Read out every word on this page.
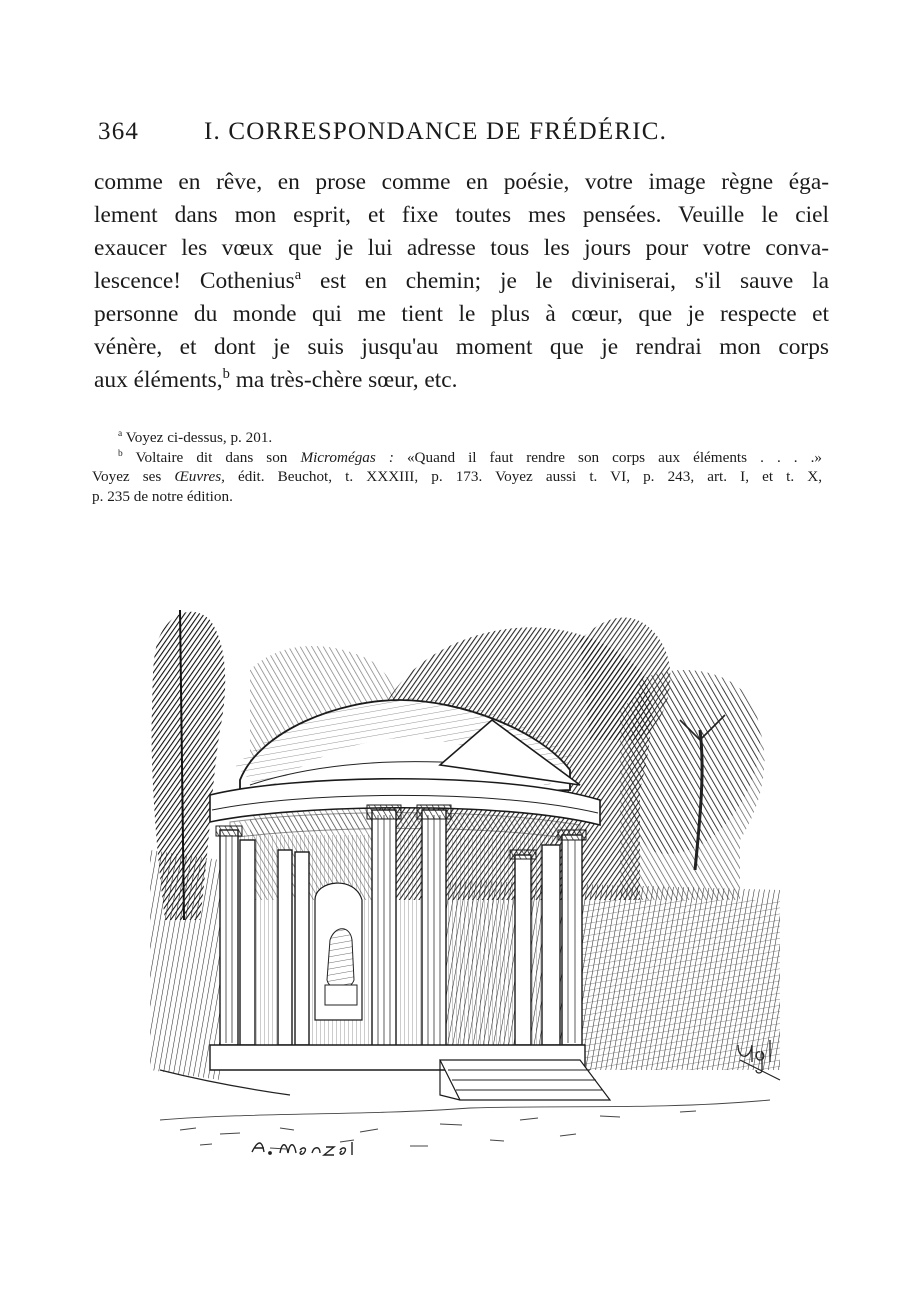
364	I. CORRESPONDANCE DE FRÉDÉRIC.
comme en rêve, en prose comme en poésie, votre image règne éga-
lement dans mon esprit, et fixe toutes mes pensées. Veuille le ciel
exaucer les vœux que je lui adresse tous les jours pour votre conva-
lescence! Cothenius$^a$ est en chemin; je le diviniserai, s'il sauve la
personne du monde qui me tient le plus à cœur, que je respecte et
vénère, et dont je suis jusqu'au moment que je rendrai mon corps
aux éléments,$^b$ ma très-chère sœur, etc.
$^a$ Voyez ci-dessus, p. 201.
$^b$ Voltaire dit dans son Micromégas : «Quand il faut rendre son corps aux éléments . . . .»
Voyez ses Œuvres, édit. Beuchot, t. XXXIII, p. 173. Voyez aussi t. VI, p. 243, art. I, et t. X,
p. 235 de notre édition.
